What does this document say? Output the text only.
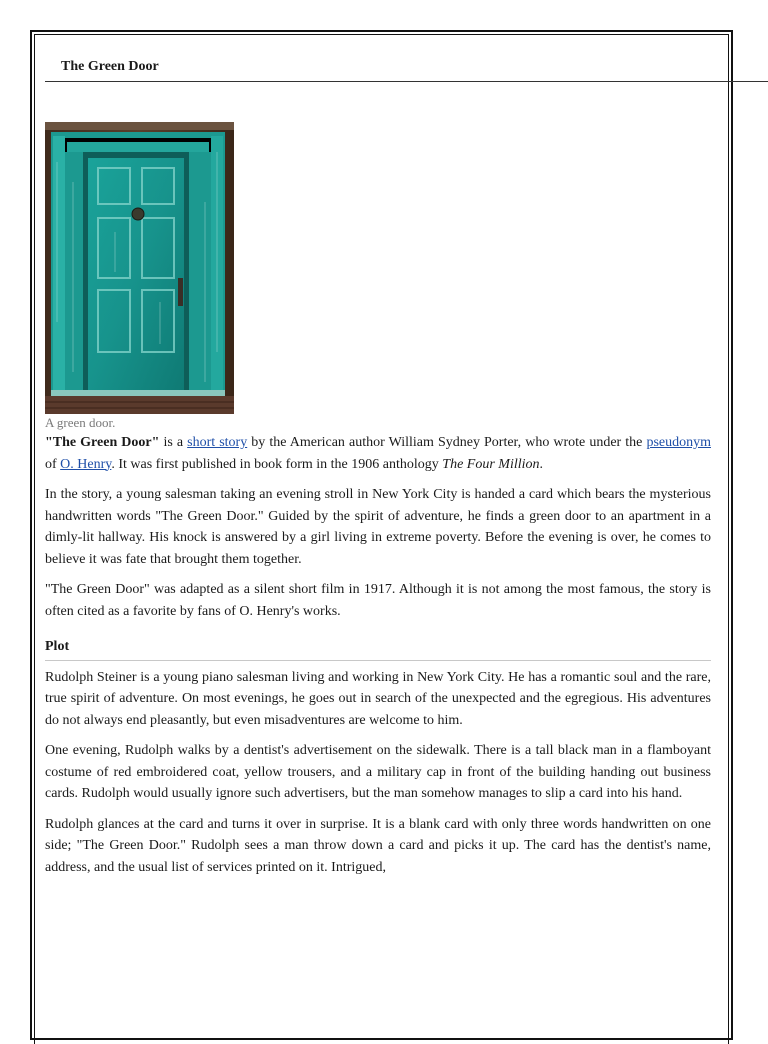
The Green Door
A green door.

"The Green Door" is a short story by the American author William Sydney Porter, who wrote under the pseudonym of O. Henry. It was first published in book form in the 1906 anthology The Four Million.

In the story, a young salesman taking an evening stroll in New York City is handed a card which bears the mysterious handwritten words "The Green Door." Guided by the spirit of adventure, he finds a green door to an apartment in a dimly-lit hallway. His knock is answered by a girl living in extreme poverty. Before the evening is over, he comes to believe it was fate that brought them together.

"The Green Door" was adapted as a silent short film in 1917. Although it is not among the most famous, the story is often cited as a favorite by fans of O. Henry's works.

Plot

Rudolph Steiner is a young piano salesman living and working in New York City. He has a romantic soul and the rare, true spirit of adventure. On most evenings, he goes out in search of the unexpected and the egregious. His adventures do not always end pleasantly, but even misadventures are welcome to him.

One evening, Rudolph walks by a dentist's advertisement on the sidewalk. There is a tall black man in a flamboyant costume of red embroidered coat, yellow trousers, and a military cap in front of the building handing out business cards. Rudolph would usually ignore such advertisers, but the man somehow manages to slip a card into his hand.

Rudolph glances at the card and turns it over in surprise. It is a blank card with only three words handwritten on one side; "The Green Door." Rudolph sees a man throw down a card and picks it up. The card has the dentist's name, address, and the usual list of services printed on it. Intrigued,
